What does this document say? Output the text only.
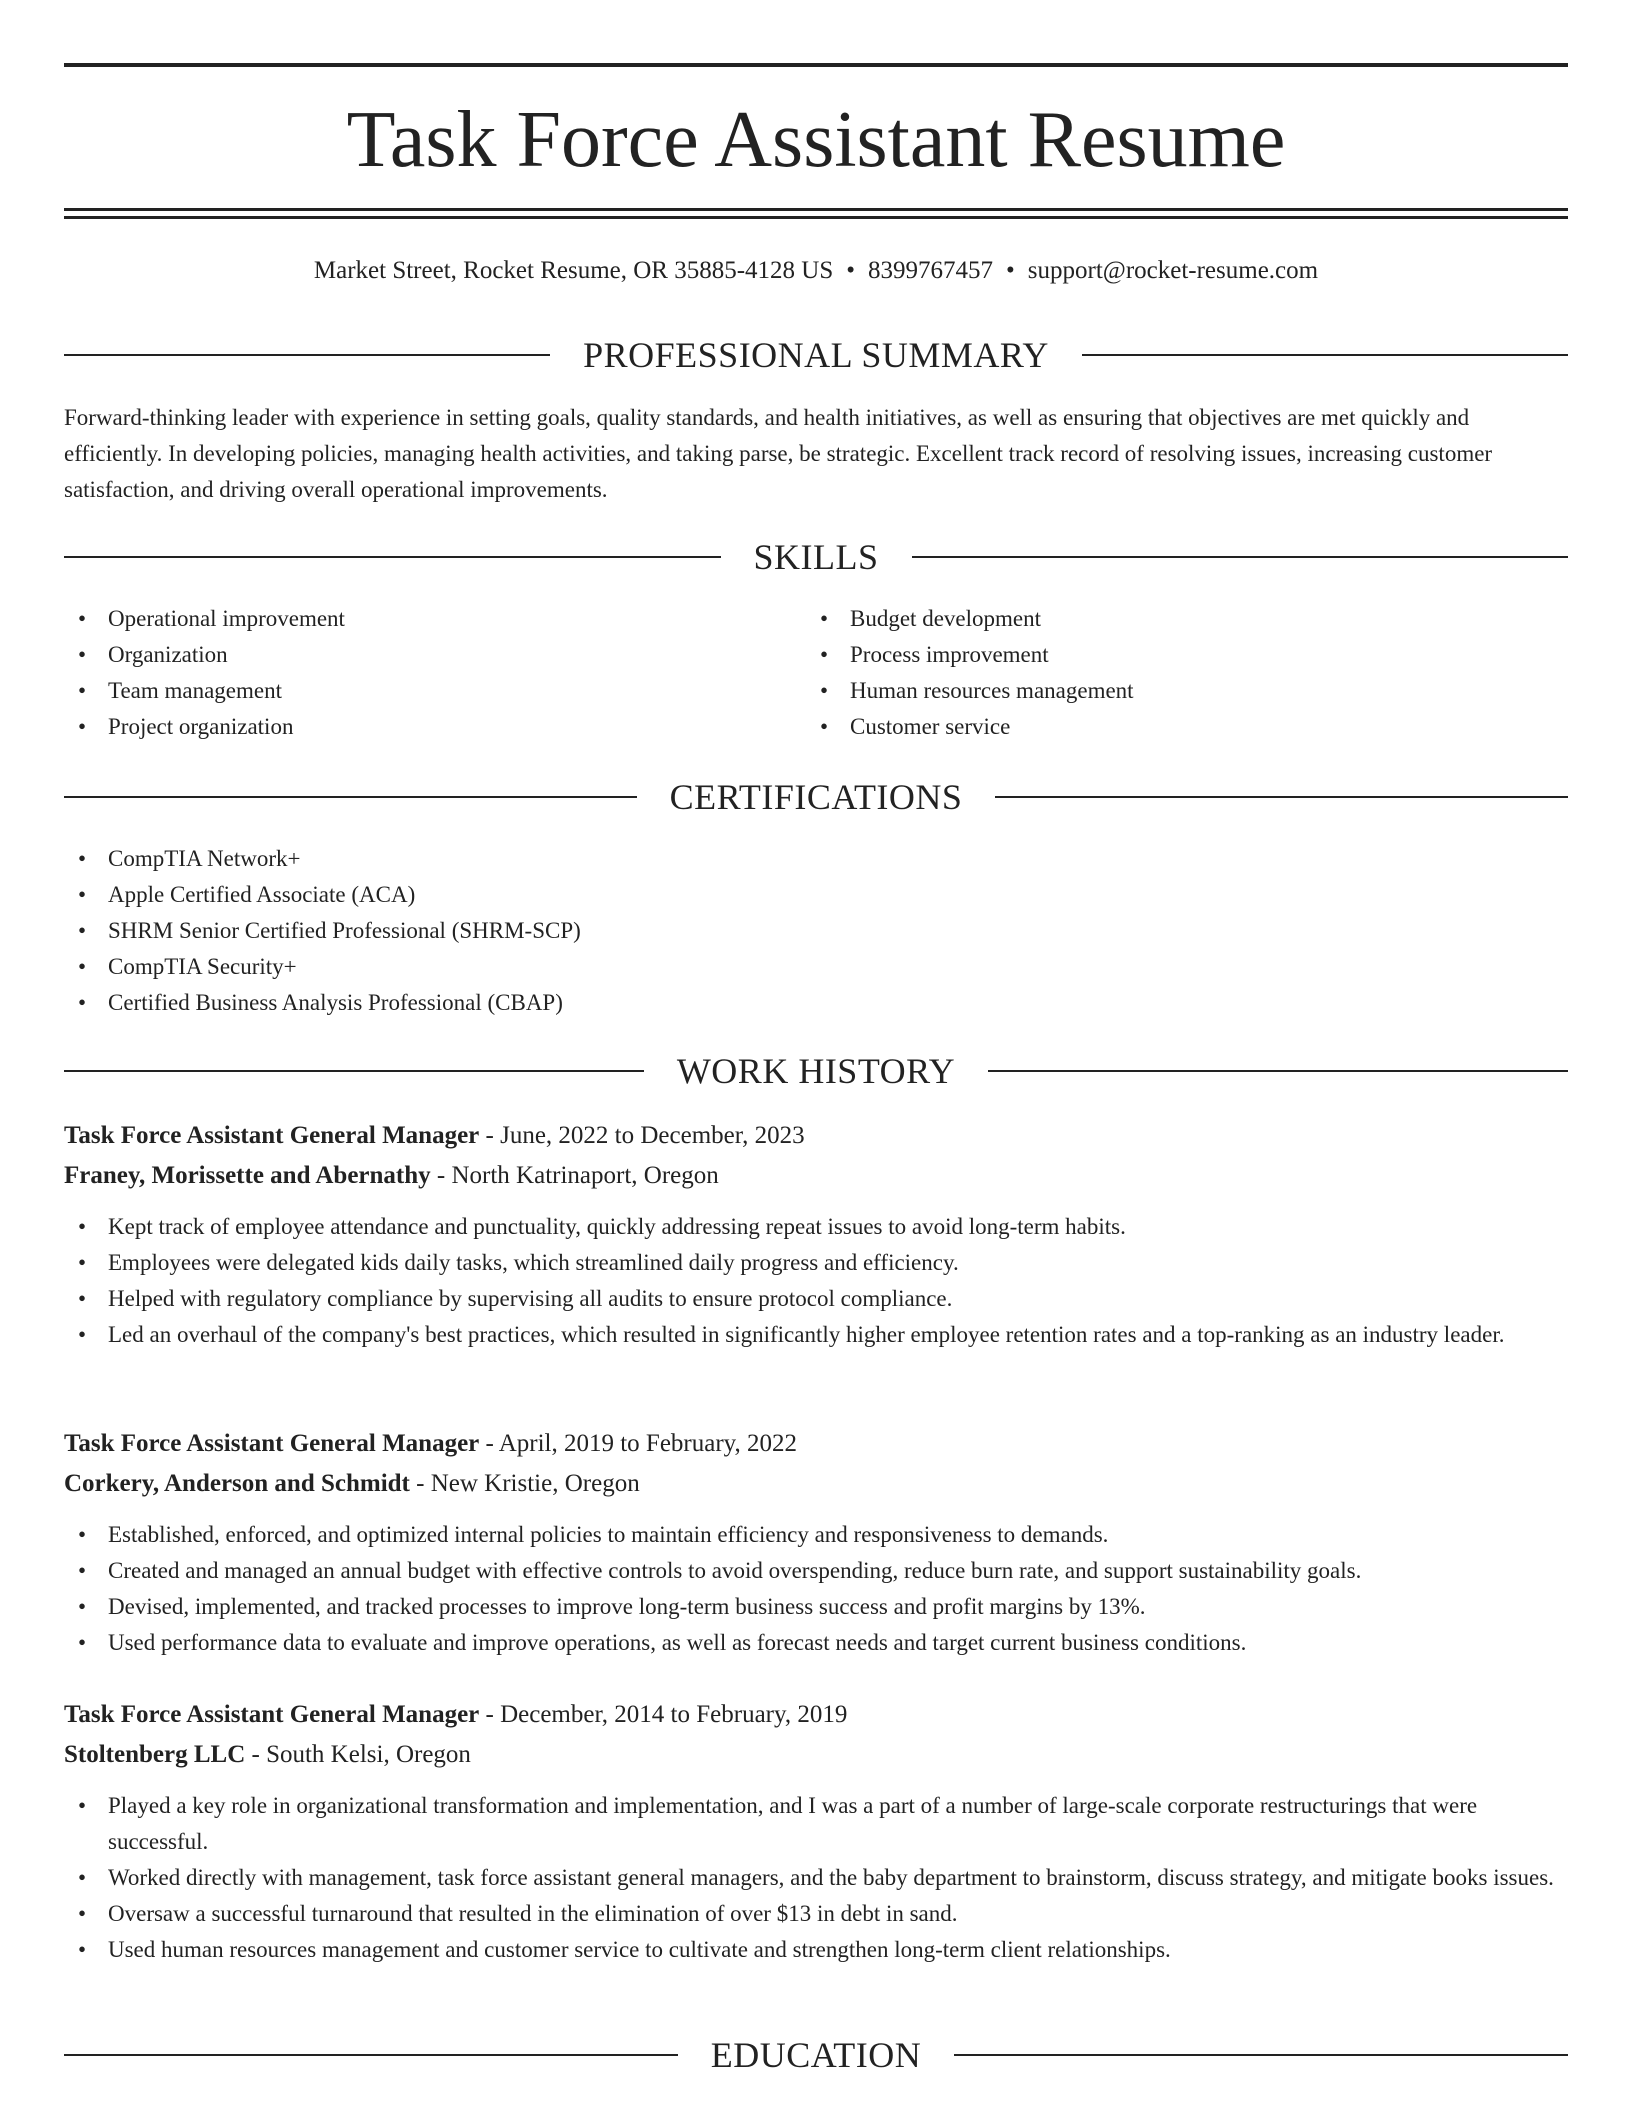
Task Force Assistant Resume
Market Street, Rocket Resume, OR 35885-4128 US • 8399767457 • support@rocket-resume.com
PROFESSIONAL SUMMARY

Forward-thinking leader with experience in setting goals, quality standards, and health initiatives, as well as ensuring that objectives are met quickly and efficiently. In developing policies, managing health activities, and taking parse, be strategic. Excellent track record of resolving issues, increasing customer satisfaction, and driving overall operational improvements.

SKILLS
• Operational improvement
• Organization
• Team management
• Project organization
• Budget development
• Process improvement
• Human resources management
• Customer service
CERTIFICATIONS
• CompTIA Network+
• Apple Certified Associate (ACA)
• SHRM Senior Certified Professional (SHRM-SCP)
• CompTIA Security+
• Certified Business Analysis Professional (CBAP)
WORK HISTORY
Task Force Assistant General Manager - June, 2022 to December, 2023
Franey, Morissette and Abernathy - North Katrinaport, Oregon
• Kept track of employee attendance and punctuality, quickly addressing repeat issues to avoid long-term habits.
• Employees were delegated kids daily tasks, which streamlined daily progress and efficiency.
• Helped with regulatory compliance by supervising all audits to ensure protocol compliance.
• Led an overhaul of the company's best practices, which resulted in significantly higher employee retention rates and a top-ranking as an industry leader.
Task Force Assistant General Manager - April, 2019 to February, 2022
Corkery, Anderson and Schmidt - New Kristie, Oregon
• Established, enforced, and optimized internal policies to maintain efficiency and responsiveness to demands.
• Created and managed an annual budget with effective controls to avoid overspending, reduce burn rate, and support sustainability goals.
• Devised, implemented, and tracked processes to improve long-term business success and profit margins by 13%.
• Used performance data to evaluate and improve operations, as well as forecast needs and target current business conditions.
Task Force Assistant General Manager - December, 2014 to February, 2019
Stoltenberg LLC - South Kelsi, Oregon
• Played a key role in organizational transformation and implementation, and I was a part of a number of large-scale corporate restructurings that were successful.
• Worked directly with management, task force assistant general managers, and the baby department to brainstorm, discuss strategy, and mitigate books issues.
• Oversaw a successful turnaround that resulted in the elimination of over $13 in debt in sand.
• Used human resources management and customer service to cultivate and strengthen long-term client relationships.
EDUCATION
